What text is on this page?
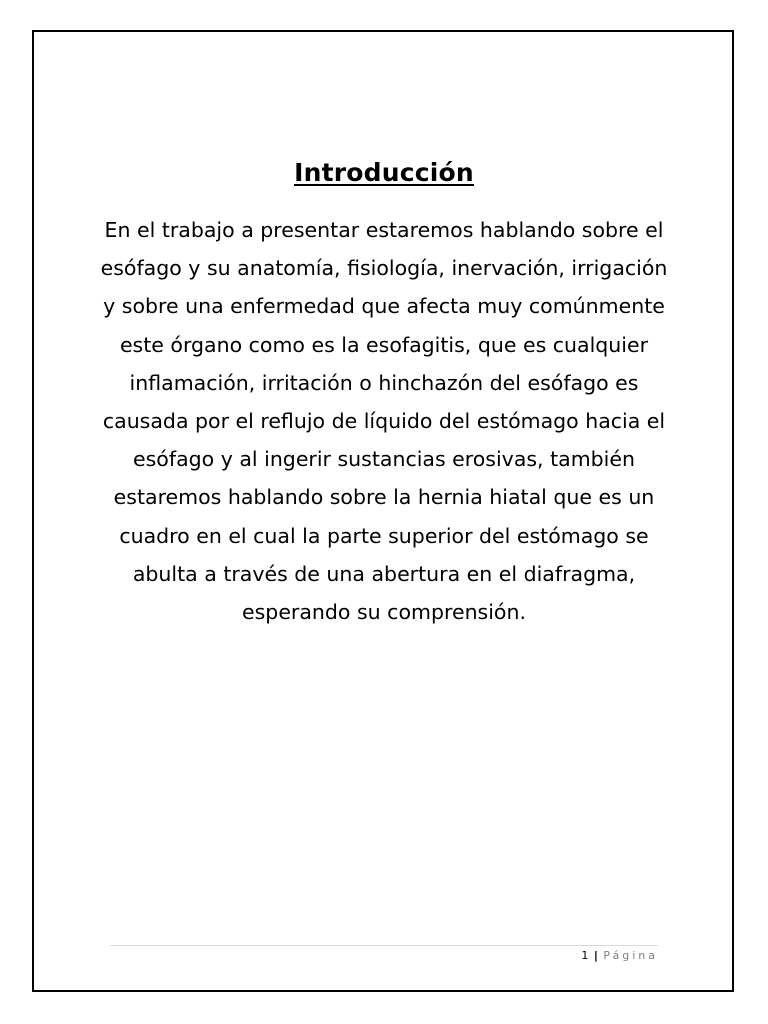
Introducción

En el trabajo a presentar estaremos hablando sobre el esófago y su anatomía, fisiología, inervación, irrigación y sobre una enfermedad que afecta muy comúnmente este órgano como es la esofagitis, que es cualquier inflamación, irritación o hinchazón del esófago es causada por el reflujo de líquido del estómago hacia el esófago y al ingerir sustancias erosivas, también estaremos hablando sobre la hernia hiatal que es un cuadro en el cual la parte superior del estómago se abulta a través de una abertura en el diafragma, esperando su comprensión.

1 | Página
